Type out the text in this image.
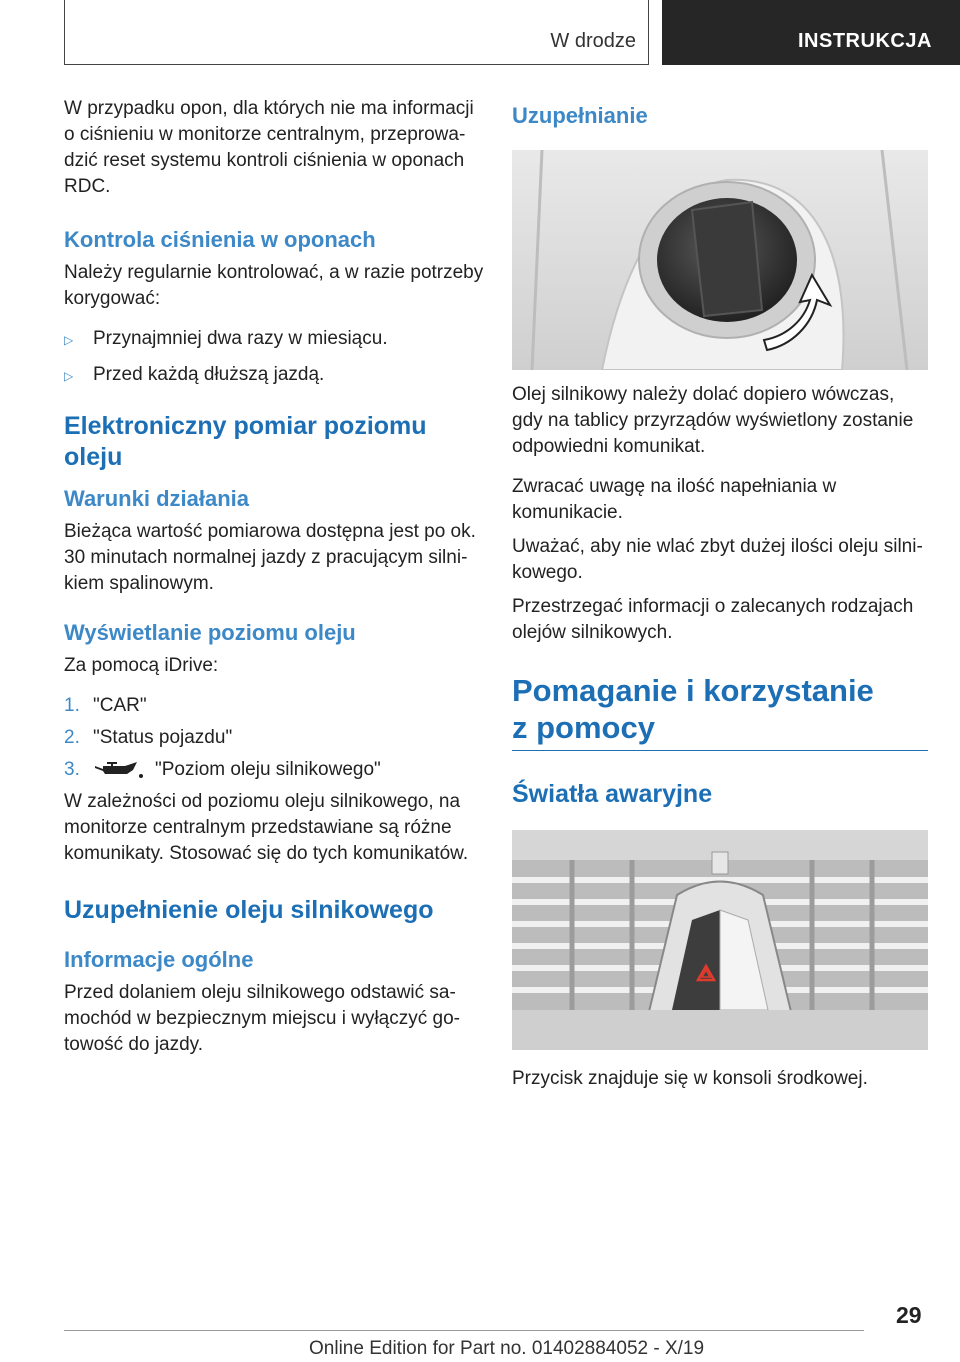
W drodze	INSTRUKCJA

W przypadku opon, dla których nie ma informacji o ciśnieniu w monitorze centralnym, przeprowadzić reset systemu kontroli ciśnienia w oponach RDC.

Kontrola ciśnienia w oponach

Należy regularnie kontrolować, a w razie potrzeby korygować:

▷	Przynajmniej dwa razy w miesiącu.
▷	Przed każdą dłuższą jazdą.
Elektroniczny pomiar poziomu oleju
Warunki działania

Bieżąca wartość pomiarowa dostępna jest po ok. 30 minutach normalnej jazdy z pracującym silnikiem spalinowym.

Wyświetlanie poziomu oleju

Za pomocą iDrive:

1. "CAR"
2. "Status pojazdu"
3.	"Poziom oleju silnikowego"

W zależności od poziomu oleju silnikowego, na monitorze centralnym przedstawiane są różne komunikaty. Stosować się do tych komunikatów.

Uzupełnienie oleju silnikowego
Informacje ogólne

Przed dolaniem oleju silnikowego odstawić samochód w bezpiecznym miejscu i wyłączyć gotowość do jazdy.

Uzupełnianie

Olej silnikowy należy dolać dopiero wówczas, gdy na tablicy przyrządów wyświetlony zostanie odpowiedni komunikat.

Zwracać uwagę na ilość napełniania w komunikacie.

Uważać, aby nie wlać zbyt dużej ilości oleju silnikowego.

Przestrzegać informacji o zalecanych rodzajach olejów silnikowych.

Pomaganie i korzystanie
z pomocy
Światła awaryjne

Przycisk znajduje się w konsoli środkowej.

29
Online Edition for Part no. 01402884052 - X/19
